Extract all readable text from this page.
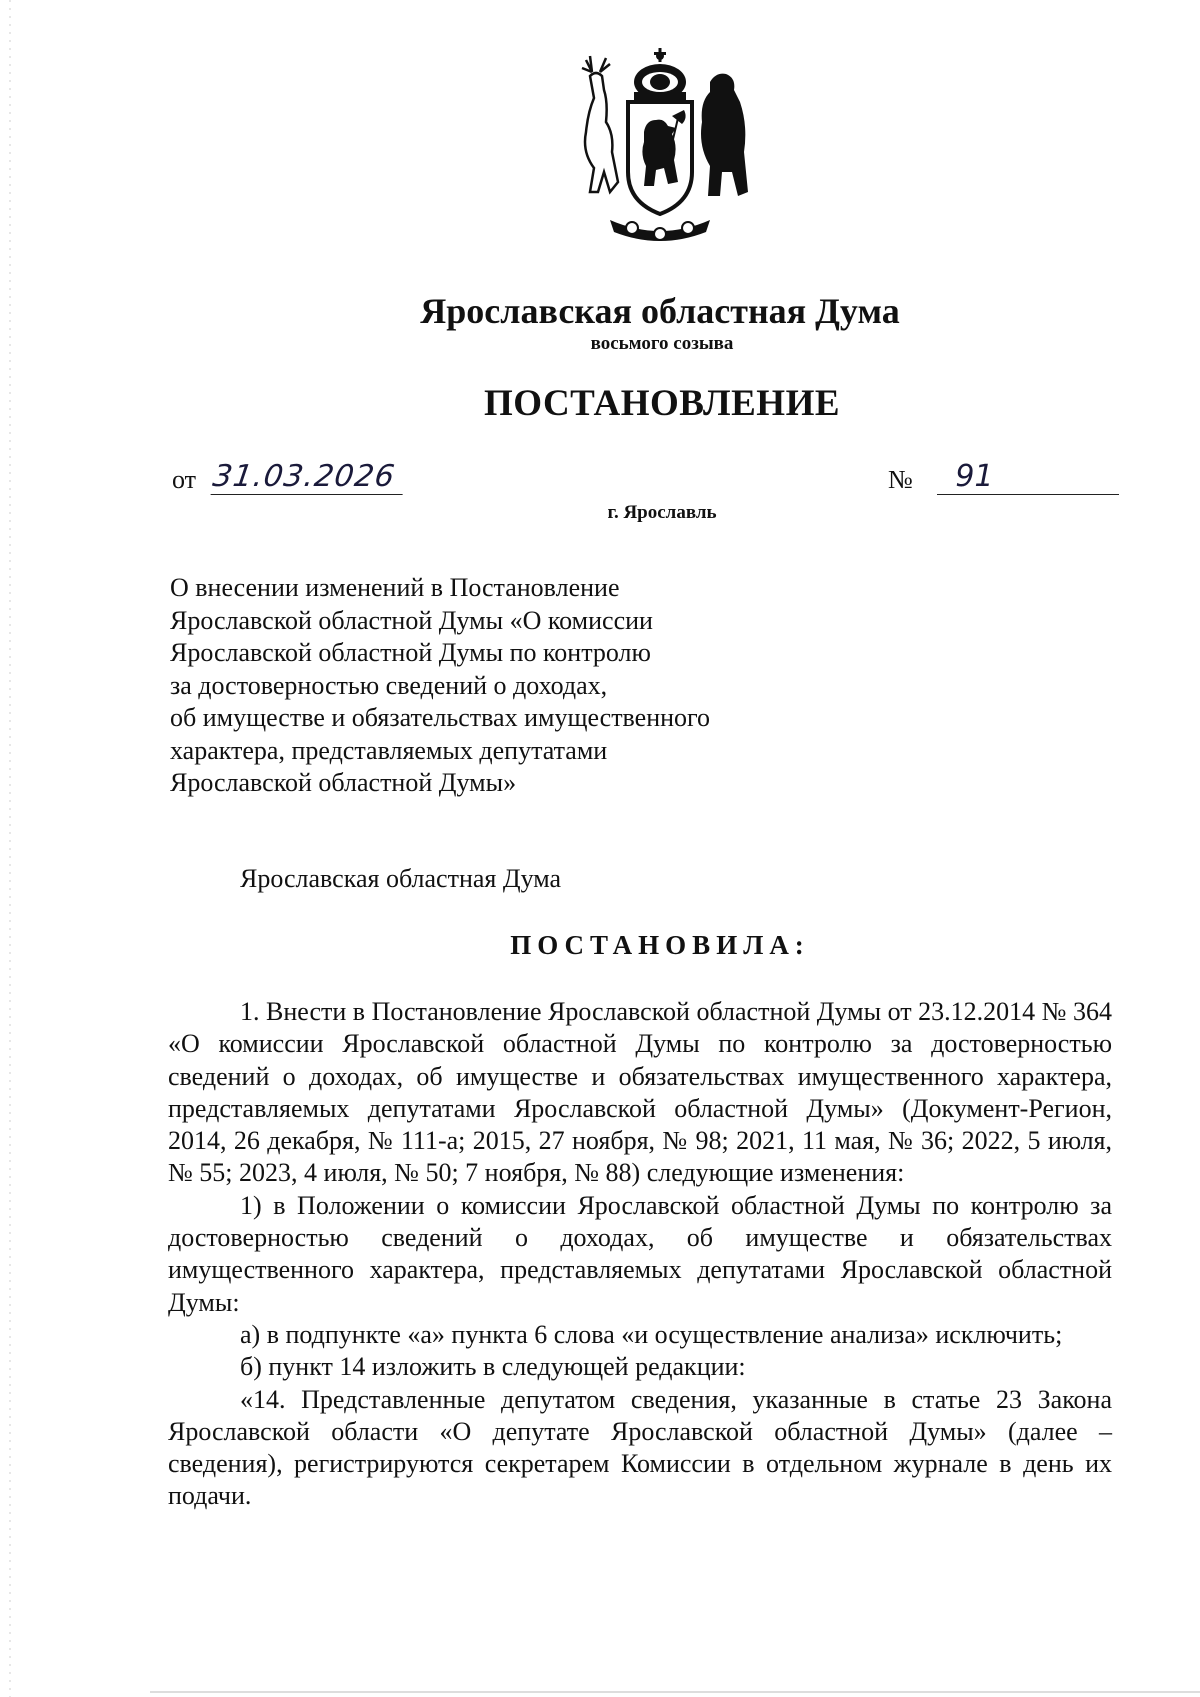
Ярославская областная Дума
восьмого созыва
ПОСТАНОВЛЕНИЕ
от 31.03.2026	№ 91
г. Ярославль
О внесении изменений в Постановление
Ярославской областной Думы «О комиссии
Ярославской областной Думы по контролю
за достоверностью сведений о доходах,
об имуществе и обязательствах имущественного
характера, представляемых депутатами
Ярославской областной Думы»
Ярославская областная Дума
ПОСТАНОВИЛА:

1. Внести в Постановление Ярославской областной Думы от 23.12.2014 № 364 «О комиссии Ярославской областной Думы по контролю за достоверностью сведений о доходах, об имуществе и обязательствах имущественного характера, представляемых депутатами Ярославской областной Думы» (Документ-Регион, 2014, 26 декабря, № 111-а; 2015, 27 ноября, № 98; 2021, 11 мая, № 36; 2022, 5 июля, № 55; 2023, 4 июля, № 50; 7 ноября, № 88) следующие изменения:

1) в Положении о комиссии Ярославской областной Думы по контролю за достоверностью сведений о доходах, об имуществе и обязательствах имущественного характера, представляемых депутатами Ярославской областной Думы:

а) в подпункте «а» пункта 6 слова «и осуществление анализа» исключить;

б) пункт 14 изложить в следующей редакции:

«14. Представленные депутатом сведения, указанные в статье 23 Закона Ярославской области «О депутате Ярославской областной Думы» (далее – сведения), регистрируются секретарем Комиссии в отдельном журнале в день их подачи.
